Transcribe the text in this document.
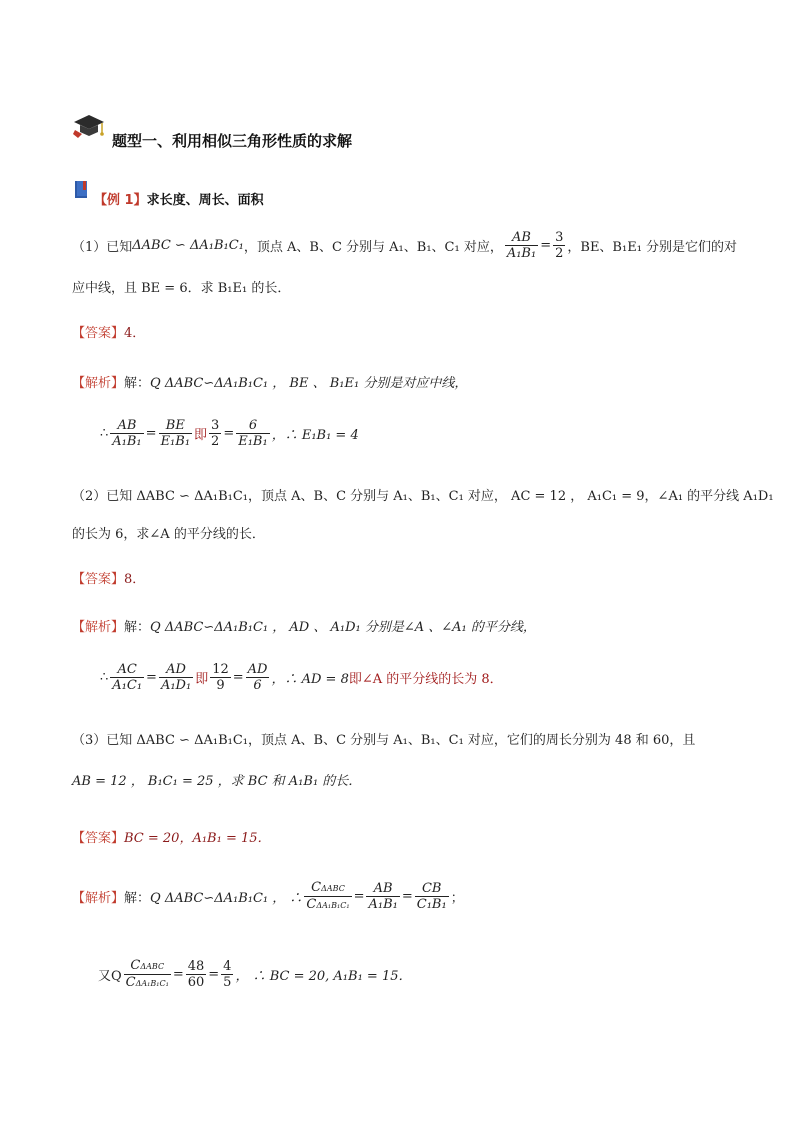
题型一、利用相似三角形性质的求解
【例 1】求长度、周长、面积
（1）已知 ΔABC ∽ ΔA₁B₁C₁ ，顶点 A、B、C 分别与 A₁、B₁、C₁ 对应， $\frac{AB}{\text{A₁B₁}} = \frac{3}{2}$ ，BE、B₁E₁ 分别是它们的对
应中线，且 BE = 6．求 B₁E₁ 的长．
【答案】4．
【解析】解：Q ΔABC∽ΔA₁B₁C₁ ， BE 、 B₁E₁ 分别是对应中线，
∴ $\frac{AB}{\text{A₁B₁}} = \frac{BE}{\text{E₁B₁}}$ 即 $\frac{3}{2} = \frac{6}{\text{E₁B₁}}$ ，∴ E₁B₁ = 4
（2）已知 ΔABC ∽ ΔA₁B₁C₁，顶点 A、B、C 分别与 A₁、B₁、C₁ 对应， AC = 12 ， A₁C₁ = 9，∠A₁ 的平分线 A₁D₁
的长为 6，求∠A 的平分线的长．
【答案】8．
【解析】解：Q ΔABC∽ΔA₁B₁C₁ ， AD 、 A₁D₁ 分别是∠A 、∠A₁ 的平分线，
∴ $\frac{AC}{\text{A₁C₁}} = \frac{AD}{\text{A₁D₁}}$ 即 $\frac{12}{9} = \frac{AD}{6}$ ，∴ AD = 8 即∠A 的平分线的长为 8．
（3）已知 ΔABC ∽ ΔA₁B₁C₁，顶点 A、B、C 分别与 A₁、B₁、C₁ 对应，它们的周长分别为 48 和 60，且
AB = 12 ， B₁C₁ = 25 ，求 BC 和 A₁B₁ 的长．
【答案】BC = 20，A₁B₁ = 15．
【解析】 解： Q ΔABC∽ΔA₁B₁C₁ ， ∴ $\frac{\text{CΔABC}}{\text{CΔA₁B₁C₁}} = \frac{AB}{\text{A₁B₁}} = \frac{CB}{\text{C₁B₁}}$ ；
又Q $\frac{\text{CΔABC}}{\text{CΔA₁B₁C₁}} = \frac{48}{60} = \frac{4}{5}$ ， ∴ BC = 20, A₁B₁ = 15．
